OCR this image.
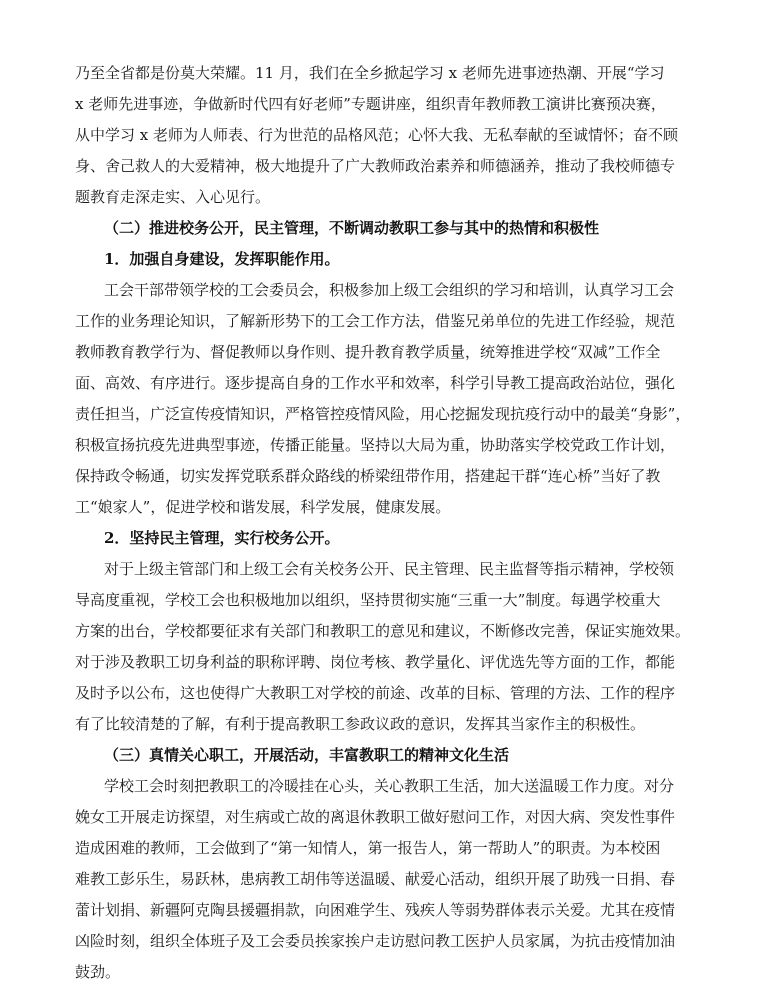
乃至全省都是份莫大荣耀。11 月，我们在全乡掀起学习 x 老师先进事迹热潮、开展“学习

x 老师先进事迹，争做新时代四有好老师”专题讲座，组织青年教师教工演讲比赛预决赛，

从中学习 x 老师为人师表、行为世范的品格风范；心怀大我、无私奉献的至诚情怀；奋不顾

身、舍己救人的大爱精神，极大地提升了广大教师政治素养和师德涵养，推动了我校师德专

题教育走深走实、入心见行。

（二）推进校务公开，民主管理，不断调动教职工参与其中的热情和积极性

1．加强自身建设，发挥职能作用。

工会干部带领学校的工会委员会，积极参加上级工会组织的学习和培训，认真学习工会

工作的业务理论知识，了解新形势下的工会工作方法，借鉴兄弟单位的先进工作经验，规范

教师教育教学行为、督促教师以身作则、提升教育教学质量，统筹推进学校“双减”工作全

面、高效、有序进行。逐步提高自身的工作水平和效率，科学引导教工提高政治站位，强化

责任担当，广泛宣传疫情知识，严格管控疫情风险，用心挖掘发现抗疫行动中的最美“身影”，

积极宣扬抗疫先进典型事迹，传播正能量。坚持以大局为重，协助落实学校党政工作计划，

保持政令畅通，切实发挥党联系群众路线的桥梁纽带作用，搭建起干群“连心桥”当好了教

工“娘家人”，促进学校和谐发展，科学发展，健康发展。

2．坚持民主管理，实行校务公开。

对于上级主管部门和上级工会有关校务公开、民主管理、民主监督等指示精神，学校领

导高度重视，学校工会也积极地加以组织，坚持贯彻实施“三重一大”制度。每遇学校重大

方案的出台，学校都要征求有关部门和教职工的意见和建议，不断修改完善，保证实施效果。

对于涉及教职工切身利益的职称评聘、岗位考核、教学量化、评优选先等方面的工作，都能

及时予以公布，这也使得广大教职工对学校的前途、改革的目标、管理的方法、工作的程序

有了比较清楚的了解，有利于提高教职工参政议政的意识，发挥其当家作主的积极性。

（三）真情关心职工，开展活动，丰富教职工的精神文化生活

学校工会时刻把教职工的冷暖挂在心头，关心教职工生活，加大送温暖工作力度。对分

娩女工开展走访探望，对生病或亡故的离退休教职工做好慰问工作，对因大病、突发性事件

造成困难的教师，工会做到了“第一知情人，第一报告人，第一帮助人”的职责。为本校困

难教工彭乐生，易跃林，患病教工胡伟等送温暖、献爱心活动，组织开展了助残一日捐、春

蕾计划捐、新疆阿克陶县援疆捐款，向困难学生、残疾人等弱势群体表示关爱。尤其在疫情

凶险时刻，组织全体班子及工会委员挨家挨户走访慰问教工医护人员家属，为抗击疫情加油

鼓劲。
